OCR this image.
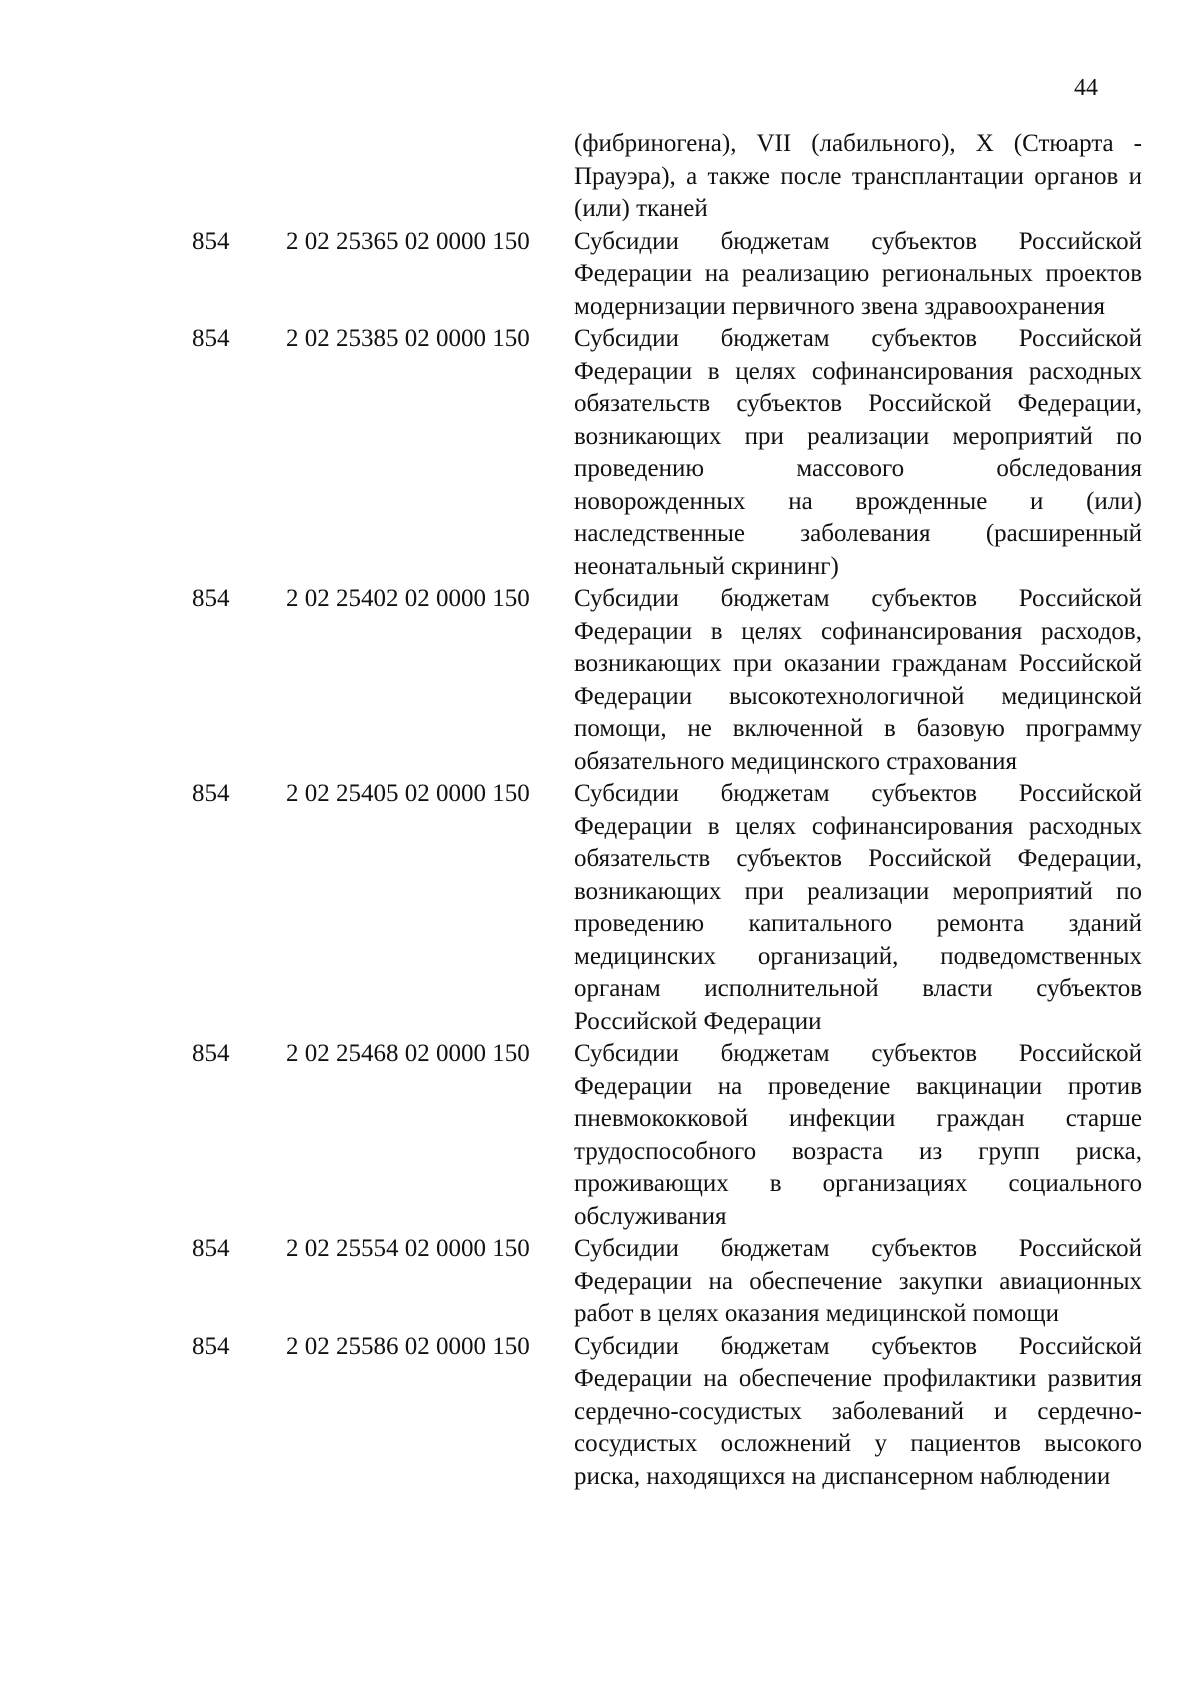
44
(фибриногена), VII (лабильного), X (Стюарта - Прауэра), а также после трансплантации органов и (или) тканей
854	2 02 25365 02 0000 150	Субсидии бюджетам субъектов Российской Федерации на реализацию региональных проектов модернизации первичного звена здравоохранения
854	2 02 25385 02 0000 150	Субсидии бюджетам субъектов Российской Федерации в целях софинансирования расходных обязательств субъектов Российской Федерации, возникающих при реализации мероприятий по проведению массового обследования новорожденных на врожденные и (или) наследственные заболевания (расширенный неонатальный скрининг)
854	2 02 25402 02 0000 150	Субсидии бюджетам субъектов Российской Федерации в целях софинансирования расходов, возникающих при оказании гражданам Российской Федерации высокотехнологичной медицинской помощи, не включенной в базовую программу обязательного медицинского страхования
854	2 02 25405 02 0000 150	Субсидии бюджетам субъектов Российской Федерации в целях софинансирования расходных обязательств субъектов Российской Федерации, возникающих при реализации мероприятий по проведению капитального ремонта зданий медицинских организаций, подведомственных органам исполнительной власти субъектов Российской Федерации
854	2 02 25468 02 0000 150	Субсидии бюджетам субъектов Российской Федерации на проведение вакцинации против пневмококковой инфекции граждан старше трудоспособного возраста из групп риска, проживающих в организациях социального обслуживания
854	2 02 25554 02 0000 150	Субсидии бюджетам субъектов Российской Федерации на обеспечение закупки авиационных работ в целях оказания медицинской помощи
854	2 02 25586 02 0000 150	Субсидии бюджетам субъектов Российской Федерации на обеспечение профилактики развития сердечно-сосудистых заболеваний и сердечно-сосудистых осложнений у пациентов высокого риска, находящихся на диспансерном наблюдении
